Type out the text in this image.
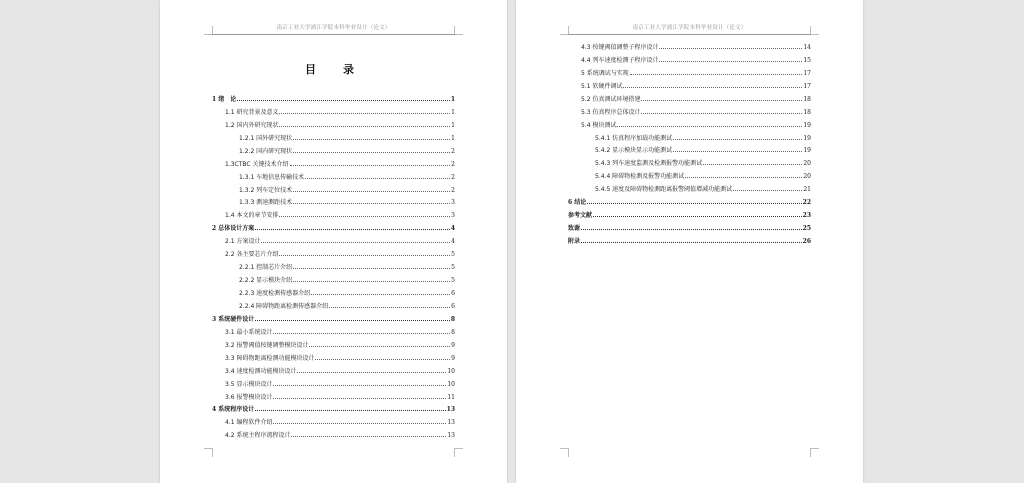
南京工业大学浦江学院本科毕业设计（论文）
目　录
1 绪　论	1
1.1 研究背景及意义	1
1.2 国内外研究现状	1
1.2.1 国外研究现状	1
1.2.2 国内研究现状	2
1.3CTBC 关键技术介绍	2
1.3.1 车地信息传输技术	2
1.3.2 列车定位技术	2
1.3.3 测速测距技术	3
1.4 本文的章节安排	3
2 总体设计方案	4
2.1 方案设计	4
2.2 各主要芯片介绍	5
2.2.1 控制芯片介绍	5
2.2.2 显示模块介绍	5
2.2.3 速度检测传感器介绍	6
2.2.4 障碍物距离检测传感器介绍	6
3 系统硬件设计	8
3.1 最小系统设计	8
3.2 报警阈值按键调整模块设计	9
3.3 障碍物距离检测功能模块设计	9
3.4 速度检测功能模块设计	10
3.5 显示模块设计	10
3.6 报警模块设计	11
4 系统程序设计	13
4.1 编程软件介绍	13
4.2 系统主程序流程设计	13
南京工业大学浦江学院本科毕业设计（论文）
4.3 按键阈值调整子程序设计	14
4.4 列车速度检测子程序设计	15
5 系统调试与实现	17
5.1 软硬件调试	17
5.2 仿真测试环境搭建	18
5.3 仿真程序总体设计	18
5.4 模块测试	19
5.4.1 仿真程序加载功能测试	19
5.4.2 显示模块显示功能测试	19
5.4.3 列车速度监测及检测报警功能测试	20
5.4.4 障碍物检测及报警功能测试	20
5.4.5 速度及障碍物检测距离报警阈值增减功能测试	21
6 结论	22
参考文献	23
致谢	25
附录	26
